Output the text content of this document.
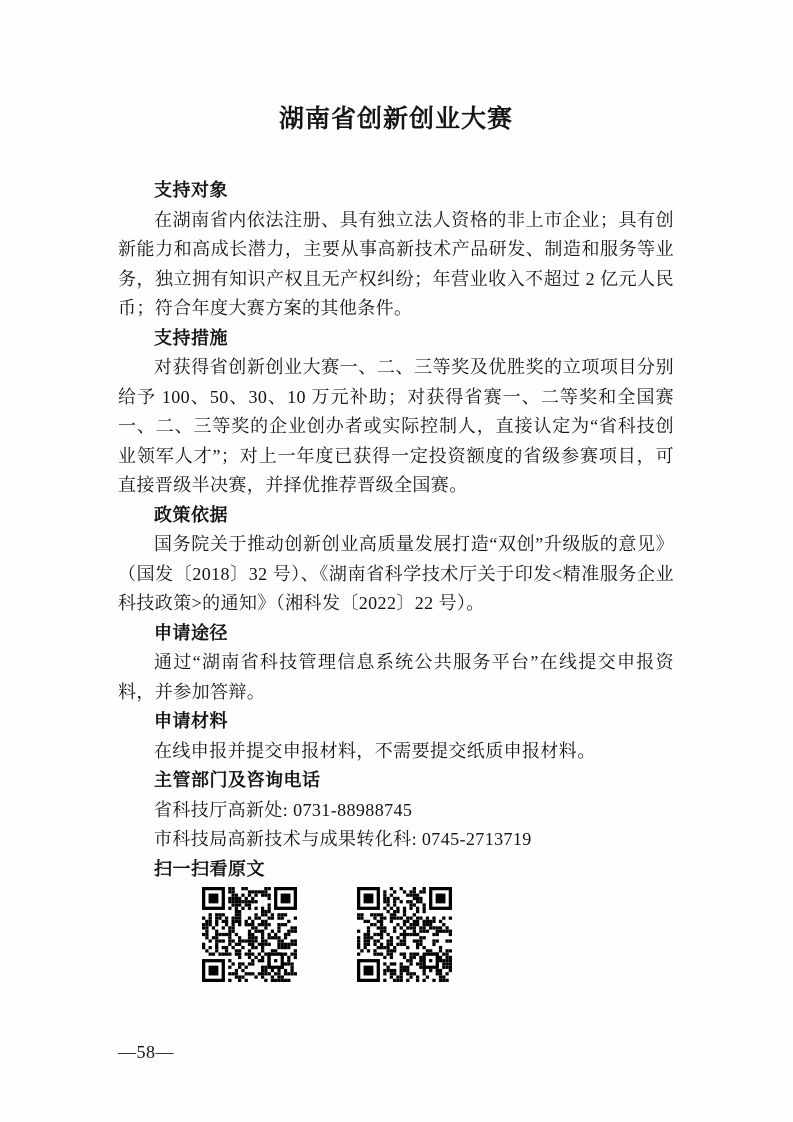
湖南省创新创业大赛
支持对象

在湖南省内依法注册、具有独立法人资格的非上市企业；具有创新能力和高成长潜力，主要从事高新技术产品研发、制造和服务等业务，独立拥有知识产权且无产权纠纷；年营业收入不超过 2 亿元人民币；符合年度大赛方案的其他条件。

支持措施

对获得省创新创业大赛一、二、三等奖及优胜奖的立项项目分别给予 100、50、30、10 万元补助；对获得省赛一、二等奖和全国赛一、二、三等奖的企业创办者或实际控制人，直接认定为“省科技创业领军人才”；对上一年度已获得一定投资额度的省级参赛项目，可直接晋级半决赛，并择优推荐晋级全国赛。

政策依据

国务院关于推动创新创业高质量发展打造“双创”升级版的意见》（国发〔2018〕32 号）、《湖南省科学技术厅关于印发<精准服务企业科技政策>的通知》（湘科发〔2022〕22 号）。

申请途径

通过“湖南省科技管理信息系统公共服务平台”在线提交申报资料，并参加答辩。

申请材料

在线申报并提交申报材料，不需要提交纸质申报材料。

主管部门及咨询电话

省科技厅高新处: 0731-88988745

市科技局高新技术与成果转化科: 0745-2713719

扫一扫看原文
—58—
